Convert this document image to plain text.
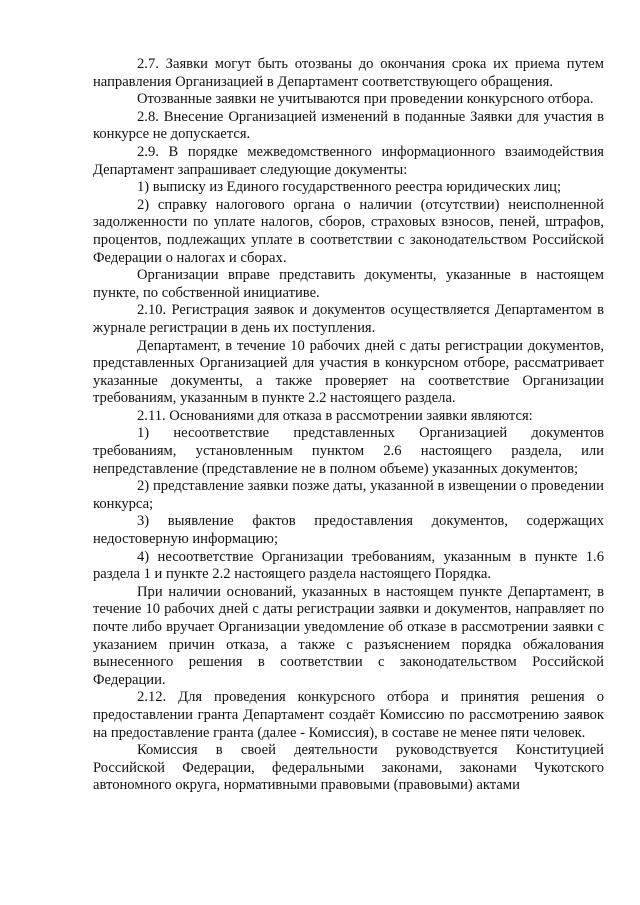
2.7. Заявки могут быть отозваны до окончания срока их приема путем направления Организацией в Департамент соответствующего обращения.

Отозванные заявки не учитываются при проведении конкурсного отбора.

2.8. Внесение Организацией изменений в поданные Заявки для участия в конкурсе не допускается.

2.9. В порядке межведомственного информационного взаимодействия Департамент запрашивает следующие документы:

1) выписку из Единого государственного реестра юридических лиц;

2) справку налогового органа о наличии (отсутствии) неисполненной задолженности по уплате налогов, сборов, страховых взносов, пеней, штрафов, процентов, подлежащих уплате в соответствии с законодательством Российской Федерации о налогах и сборах.

Организации вправе представить документы, указанные в настоящем пункте, по собственной инициативе.

2.10. Регистрация заявок и документов осуществляется Департаментом в журнале регистрации в день их поступления.

Департамент, в течение 10 рабочих дней с даты регистрации документов, представленных Организацией для участия в конкурсном отборе, рассматривает указанные документы, а также проверяет на соответствие Организации требованиям, указанным в пункте 2.2 настоящего раздела.

2.11. Основаниями для отказа в рассмотрении заявки являются:

1) несоответствие представленных Организацией документов требованиям, установленным пунктом 2.6 настоящего раздела, или непредставление (представление не в полном объеме) указанных документов;

2) представление заявки позже даты, указанной в извещении о проведении конкурса;

3) выявление фактов предоставления документов, содержащих недостоверную информацию;

4) несоответствие Организации требованиям, указанным в пункте 1.6 раздела 1 и пункте 2.2 настоящего раздела настоящего Порядка.

При наличии оснований, указанных в настоящем пункте Департамент, в течение 10 рабочих дней с даты регистрации заявки и документов, направляет по почте либо вручает Организации уведомление об отказе в рассмотрении заявки с указанием причин отказа, а также с разъяснением порядка обжалования вынесенного решения в соответствии с законодательством Российской Федерации.

2.12. Для проведения конкурсного отбора и принятия решения о предоставлении гранта Департамент создаёт Комиссию по рассмотрению заявок на предоставление гранта (далее - Комиссия), в составе не менее пяти человек.

Комиссия в своей деятельности руководствуется Конституцией Российской Федерации, федеральными законами, законами Чукотского автономного округа, нормативными правовыми (правовыми) актами
